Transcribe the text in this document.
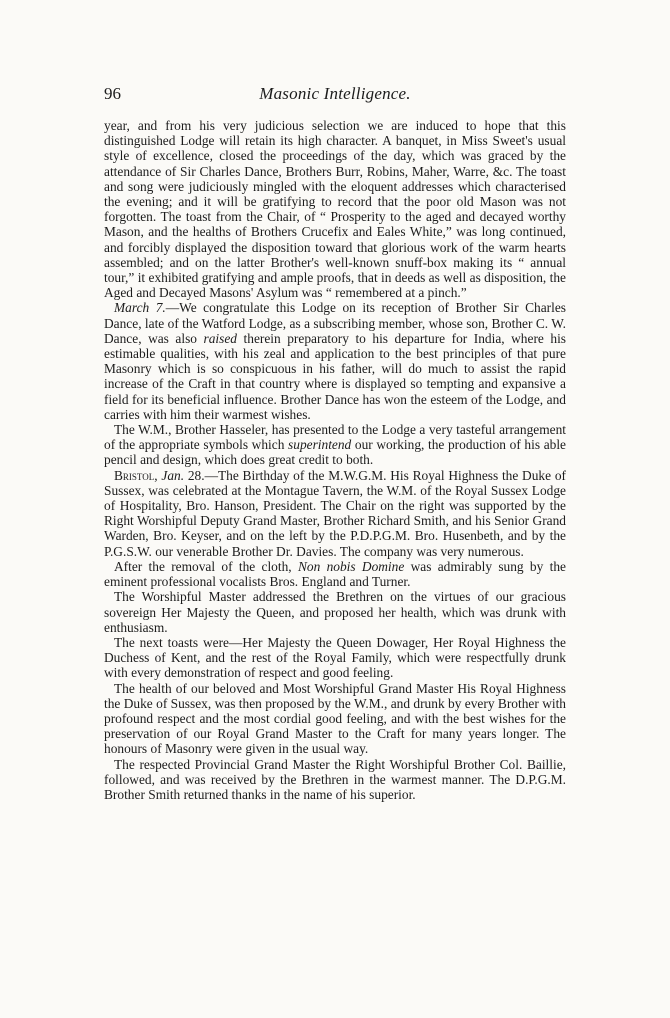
96	Masonic Intelligence.

year, and from his very judicious selection we are induced to hope that this distinguished Lodge will retain its high character. A banquet, in Miss Sweet's usual style of excellence, closed the proceedings of the day, which was graced by the attendance of Sir Charles Dance, Brothers Burr, Robins, Maher, Warre, &c. The toast and song were judiciously mingled with the eloquent addresses which characterised the evening; and it will be gratifying to record that the poor old Mason was not forgotten. The toast from the Chair, of “ Prosperity to the aged and decayed worthy Mason, and the healths of Brothers Crucefix and Eales White,” was long continued, and forcibly displayed the disposition toward that glorious work of the warm hearts assembled; and on the latter Brother's well-known snuff-box making its “ annual tour,” it exhibited gratifying and ample proofs, that in deeds as well as disposition, the Aged and Decayed Masons' Asylum was “ remembered at a pinch.”

March 7.—We congratulate this Lodge on its reception of Brother Sir Charles Dance, late of the Watford Lodge, as a subscribing member, whose son, Brother C. W. Dance, was also raised therein preparatory to his departure for India, where his estimable qualities, with his zeal and application to the best principles of that pure Masonry which is so conspicuous in his father, will do much to assist the rapid increase of the Craft in that country where is displayed so tempting and expansive a field for its beneficial influence. Brother Dance has won the esteem of the Lodge, and carries with him their warmest wishes.

The W.M., Brother Hasseler, has presented to the Lodge a very tasteful arrangement of the appropriate symbols which superintend our working, the production of his able pencil and design, which does great credit to both.

Bristol, Jan. 28.—The Birthday of the M.W.G.M. His Royal Highness the Duke of Sussex, was celebrated at the Montague Tavern, the W.M. of the Royal Sussex Lodge of Hospitality, Bro. Hanson, President. The Chair on the right was supported by the Right Worshipful Deputy Grand Master, Brother Richard Smith, and his Senior Grand Warden, Bro. Keyser, and on the left by the P.D.P.G.M. Bro. Husenbeth, and by the P.G.S.W. our venerable Brother Dr. Davies. The company was very numerous.

After the removal of the cloth, Non nobis Domine was admirably sung by the eminent professional vocalists Bros. England and Turner.

The Worshipful Master addressed the Brethren on the virtues of our gracious sovereign Her Majesty the Queen, and proposed her health, which was drunk with enthusiasm.

The next toasts were—Her Majesty the Queen Dowager, Her Royal Highness the Duchess of Kent, and the rest of the Royal Family, which were respectfully drunk with every demonstration of respect and good feeling.

The health of our beloved and Most Worshipful Grand Master His Royal Highness the Duke of Sussex, was then proposed by the W.M., and drunk by every Brother with profound respect and the most cordial good feeling, and with the best wishes for the preservation of our Royal Grand Master to the Craft for many years longer. The honours of Masonry were given in the usual way.

The respected Provincial Grand Master the Right Worshipful Brother Col. Baillie, followed, and was received by the Brethren in the warmest manner. The D.P.G.M. Brother Smith returned thanks in the name of his superior.
